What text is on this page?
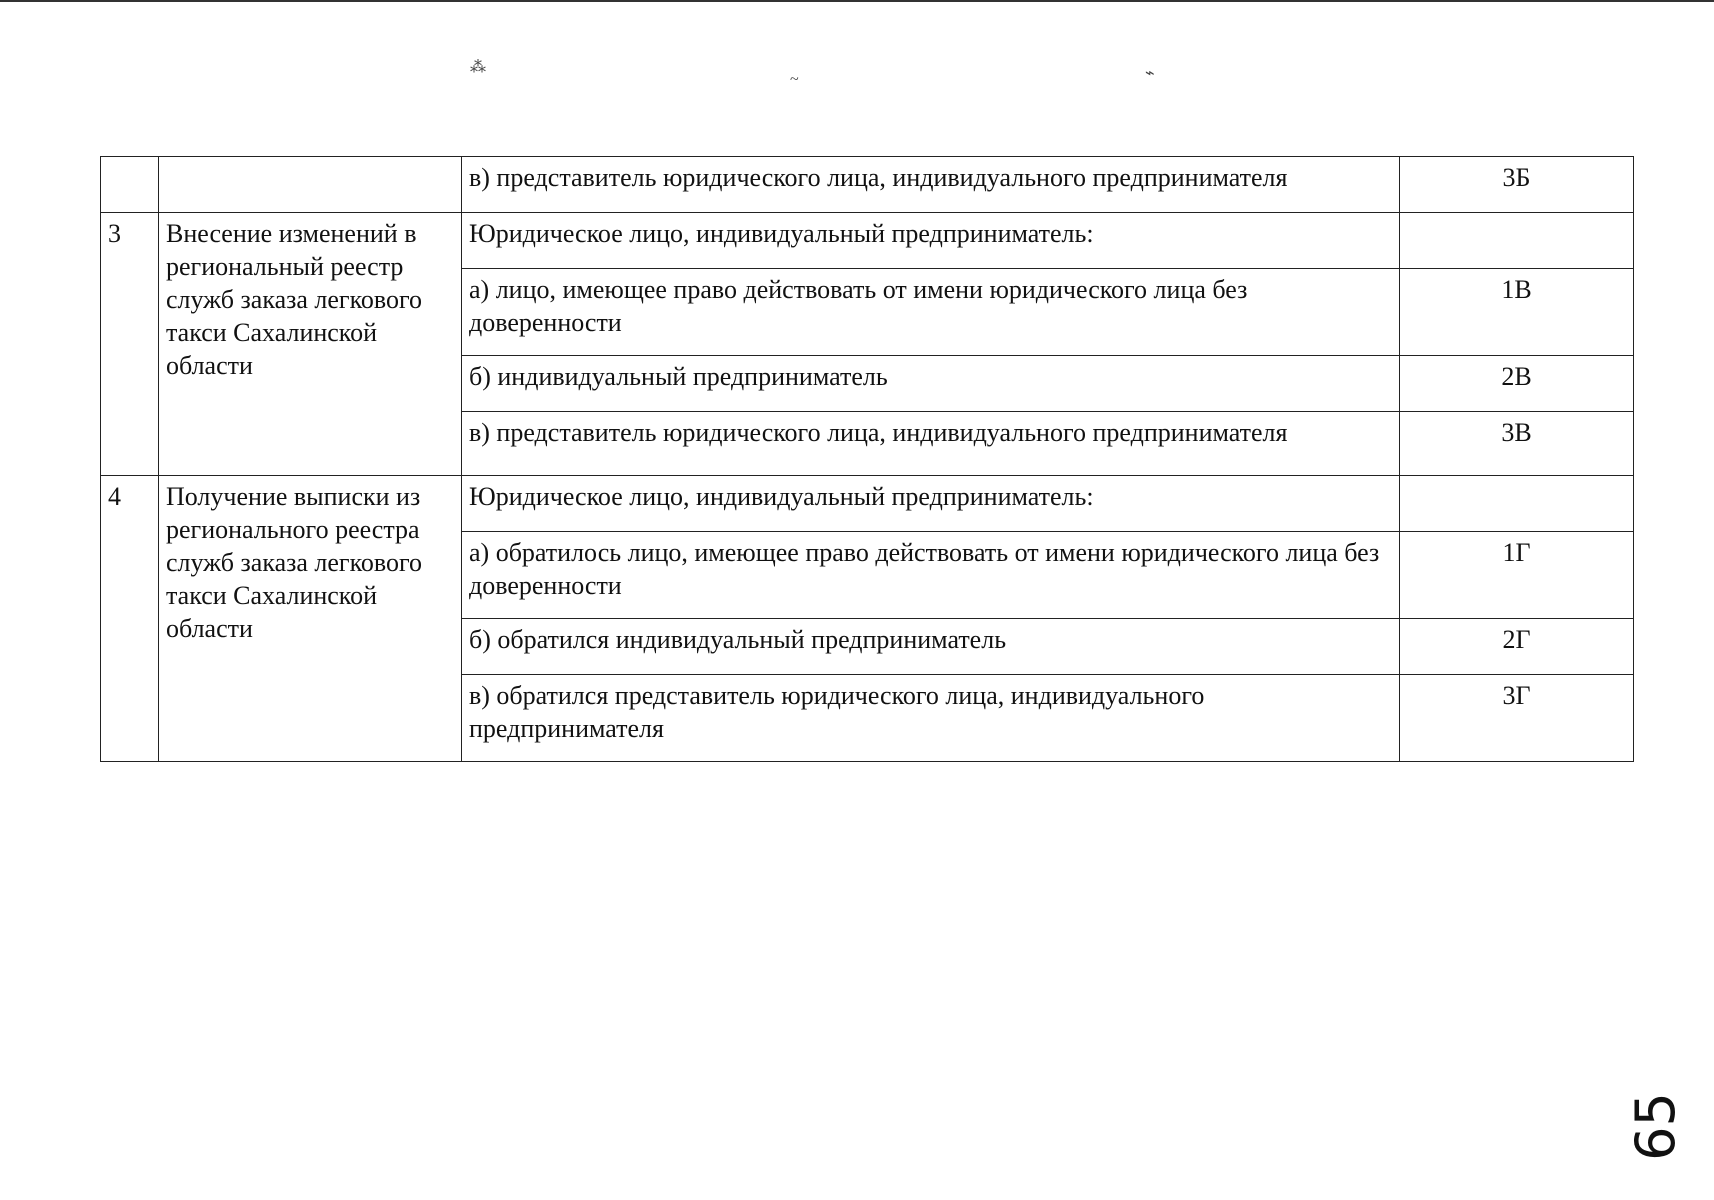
⁂
~	⌁
		в) представитель юридического лица, индивидуального предпринимателя	3Б
3	Внесение изменений в региональный реестр служб заказа легкового такси Сахалинской области	Юридическое лицо, индивидуальный предприниматель:	
		а) лицо, имеющее право действовать от имени юридического лица без доверенности	1В
		б) индивидуальный предприниматель	2В
		в) представитель юридического лица, индивидуального предпринимателя	3В
4	Получение выписки из регионального реестра служб заказа легкового такси Сахалинской области	Юридическое лицо, индивидуальный предприниматель:	
		а) обратилось лицо, имеющее право действовать от имени юридического лица без доверенности	1Г
		б) обратился индивидуальный предприниматель	2Г
		в) обратился представитель юридического лица, индивидуального предпринимателя	3Г
65
